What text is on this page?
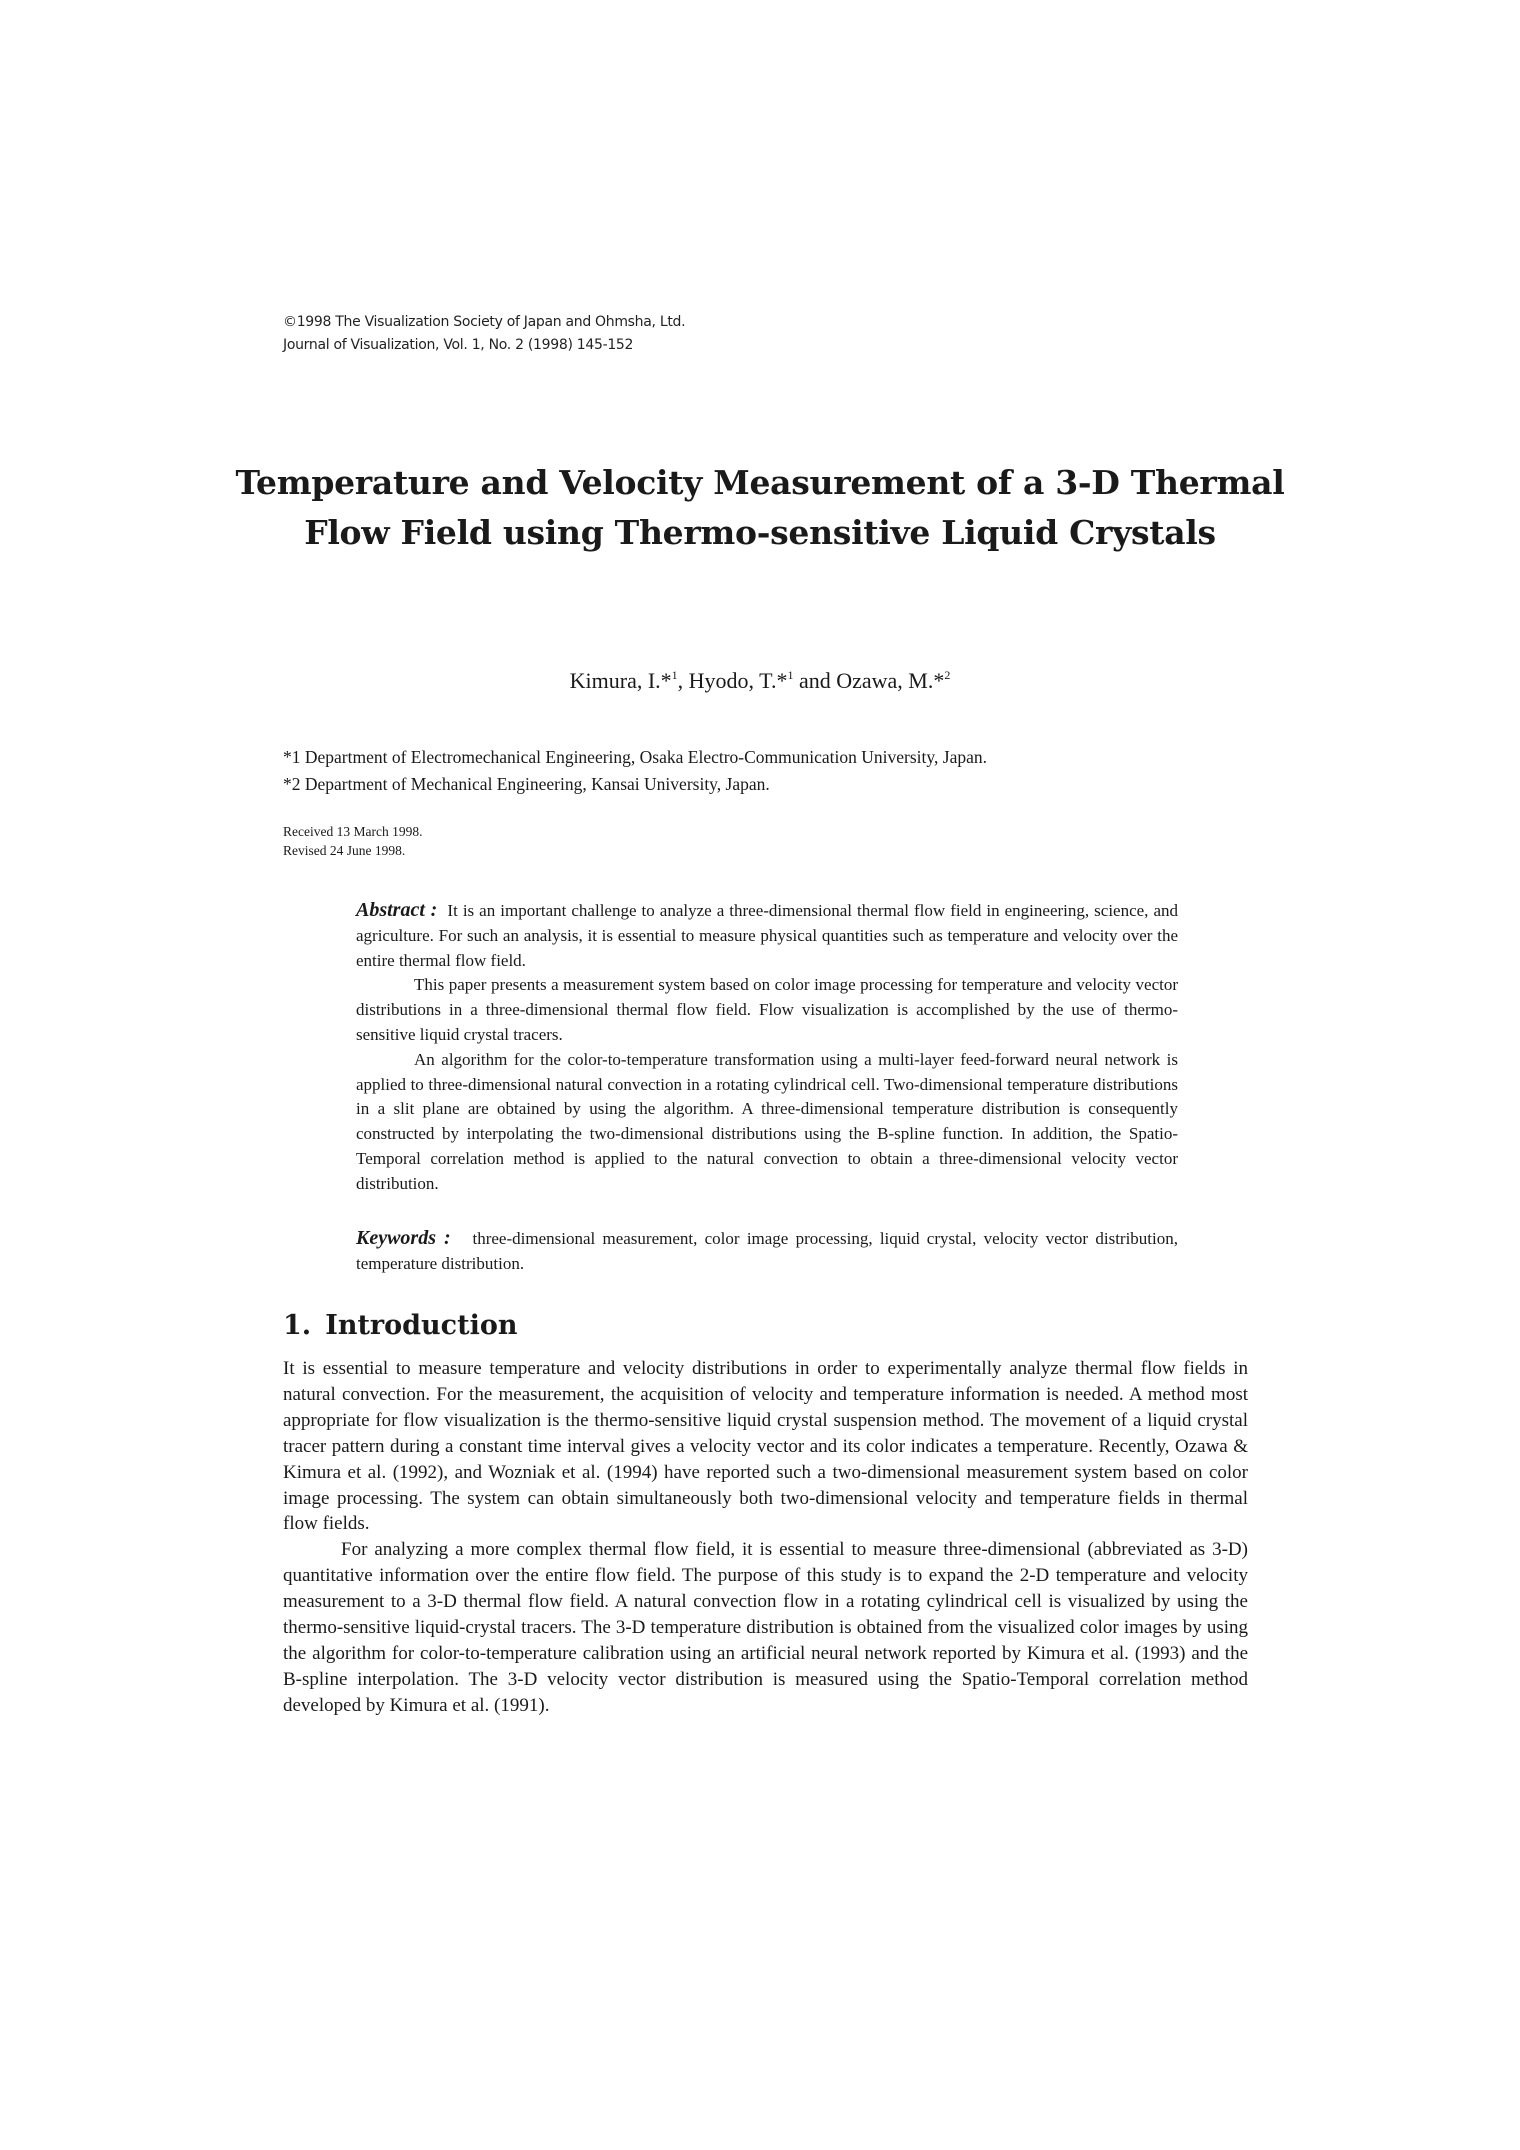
©1998 The Visualization Society of Japan and Ohmsha, Ltd.
Journal of Visualization, Vol. 1, No. 2 (1998) 145-152
Temperature and Velocity Measurement of a 3-D Thermal
Flow Field using Thermo-sensitive Liquid Crystals
Kimura, I.*$^1$, Hyodo, T.*$^1$ and Ozawa, M.*$^2$
*1 Department of Electromechanical Engineering, Osaka Electro-Communication University, Japan.
*2 Department of Mechanical Engineering, Kansai University, Japan.
Received 13 March 1998.
Revised 24 June 1998.

Abstract : It is an important challenge to analyze a three-dimensional thermal flow field in engineering, science, and agriculture. For such an analysis, it is essential to measure physical quantities such as temperature and velocity over the entire thermal flow field.

This paper presents a measurement system based on color image processing for temperature and velocity vector distributions in a three-dimensional thermal flow field. Flow visualization is accomplished by the use of thermo-sensitive liquid crystal tracers.

An algorithm for the color-to-temperature transformation using a multi-layer feed-forward neural network is applied to three-dimensional natural convection in a rotating cylindrical cell. Two-dimensional temperature distributions in a slit plane are obtained by using the algorithm. A three-dimensional temperature distribution is consequently constructed by interpolating the two-dimensional distributions using the B-spline function. In addition, the Spatio-Temporal correlation method is applied to the natural convection to obtain a three-dimensional velocity vector distribution.

Keywords : three-dimensional measurement, color image processing, liquid crystal, velocity vector distribution, temperature distribution.
1. Introduction

It is essential to measure temperature and velocity distributions in order to experimentally analyze thermal flow fields in natural convection. For the measurement, the acquisition of velocity and temperature information is needed. A method most appropriate for flow visualization is the thermo-sensitive liquid crystal suspension method. The movement of a liquid crystal tracer pattern during a constant time interval gives a velocity vector and its color indicates a temperature. Recently, Ozawa & Kimura et al. (1992), and Wozniak et al. (1994) have reported such a two-dimensional measurement system based on color image processing. The system can obtain simultaneously both two-dimensional velocity and temperature fields in thermal flow fields.

For analyzing a more complex thermal flow field, it is essential to measure three-dimensional (abbreviated as 3-D) quantitative information over the entire flow field. The purpose of this study is to expand the 2-D temperature and velocity measurement to a 3-D thermal flow field. A natural convection flow in a rotating cylindrical cell is visualized by using the thermo-sensitive liquid-crystal tracers. The 3-D temperature distribution is obtained from the visualized color images by using the algorithm for color-to-temperature calibration using an artificial neural network reported by Kimura et al. (1993) and the B-spline interpolation. The 3-D velocity vector distribution is measured using the Spatio-Temporal correlation method developed by Kimura et al. (1991).
